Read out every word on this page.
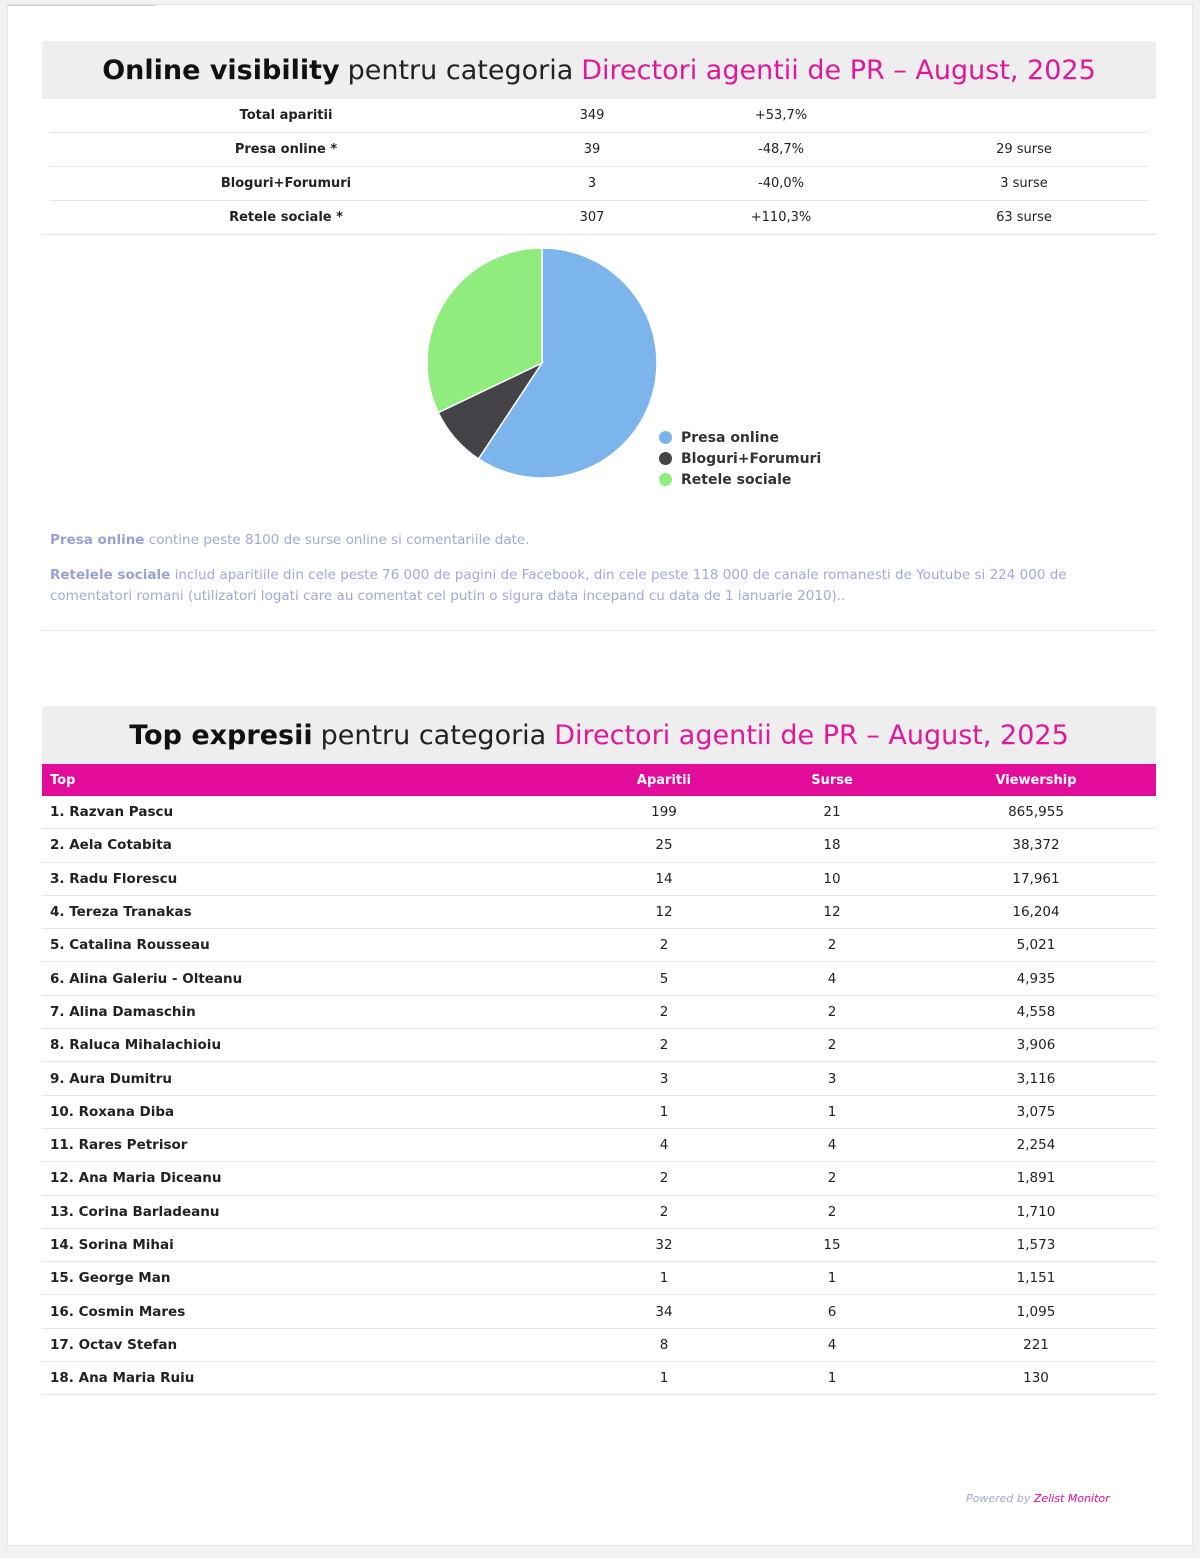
Online visibility pentru categoria Directori agentii de PR – August, 2025
Total aparitii	349	+53,7%	
Presa online *	39	-48,7%	29 surse
Bloguri+Forumuri	3	-40,0%	3 surse
Retele sociale *	307	+110,3%	63 surse
Presa online
Bloguri+Forumuri
Retele sociale
Presa online contine peste 8100 de surse online si comentariile date.
Retelele sociale includ aparitiile din cele peste 76 000 de pagini de Facebook, din cele peste 118 000 de canale romanesti de Youtube si 224 000 de comentatori romani (utilizatori logati care au comentat cel putin o sigura data incepand cu data de 1 ianuarie 2010)..
Top expresii pentru categoria Directori agentii de PR – August, 2025
Top	Aparitii	Surse	Viewership
1. Razvan Pascu	199	21	865,955
2. Aela Cotabita	25	18	38,372
3. Radu Florescu	14	10	17,961
4. Tereza Tranakas	12	12	16,204
5. Catalina Rousseau	2	2	5,021
6. Alina Galeriu - Olteanu	5	4	4,935
7. Alina Damaschin	2	2	4,558
8. Raluca Mihalachioiu	2	2	3,906
9. Aura Dumitru	3	3	3,116
10. Roxana Diba	1	1	3,075
11. Rares Petrisor	4	4	2,254
12. Ana Maria Diceanu	2	2	1,891
13. Corina Barladeanu	2	2	1,710
14. Sorina Mihai	32	15	1,573
15. George Man	1	1	1,151
16. Cosmin Mares	34	6	1,095
17. Octav Stefan	8	4	221
18. Ana Maria Ruiu	1	1	130
Powered by Zelist Monitor
